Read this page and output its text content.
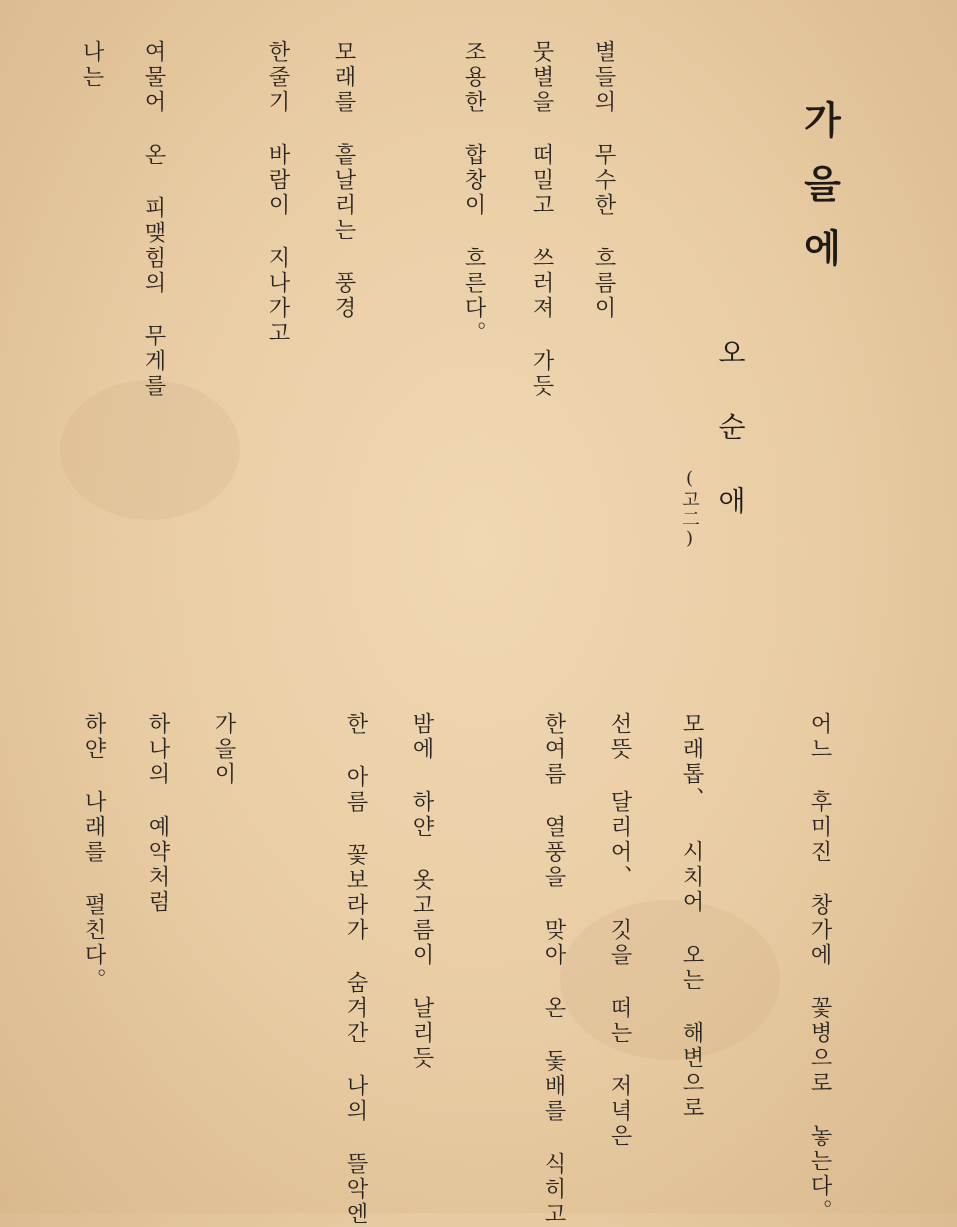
가을에
오순애
(고二)
별들의 무수한 흐름이
뭇별을 떠밀고 쓰러져 가듯
조용한 합창이 흐른다。
모래를 흩날리는 풍경
한줄기 바람이 지나가고
여물어 온 피맺힘의 무게를
나는
어느 후미진 창가에 꽃병으로 놓는다。
모래톱、 시치어 오는 해변으로
선뜻 달리어、 깃을 떠는 저녁은
한여름 열풍을 맞아 온 돛배를 식히고
밤에 하얀 옷고름이 날리듯
한 아름 꽃보라가 숨겨간 나의 뜰악엔
가을이
하나의 예약처럼
하얀 나래를 펼친다。
